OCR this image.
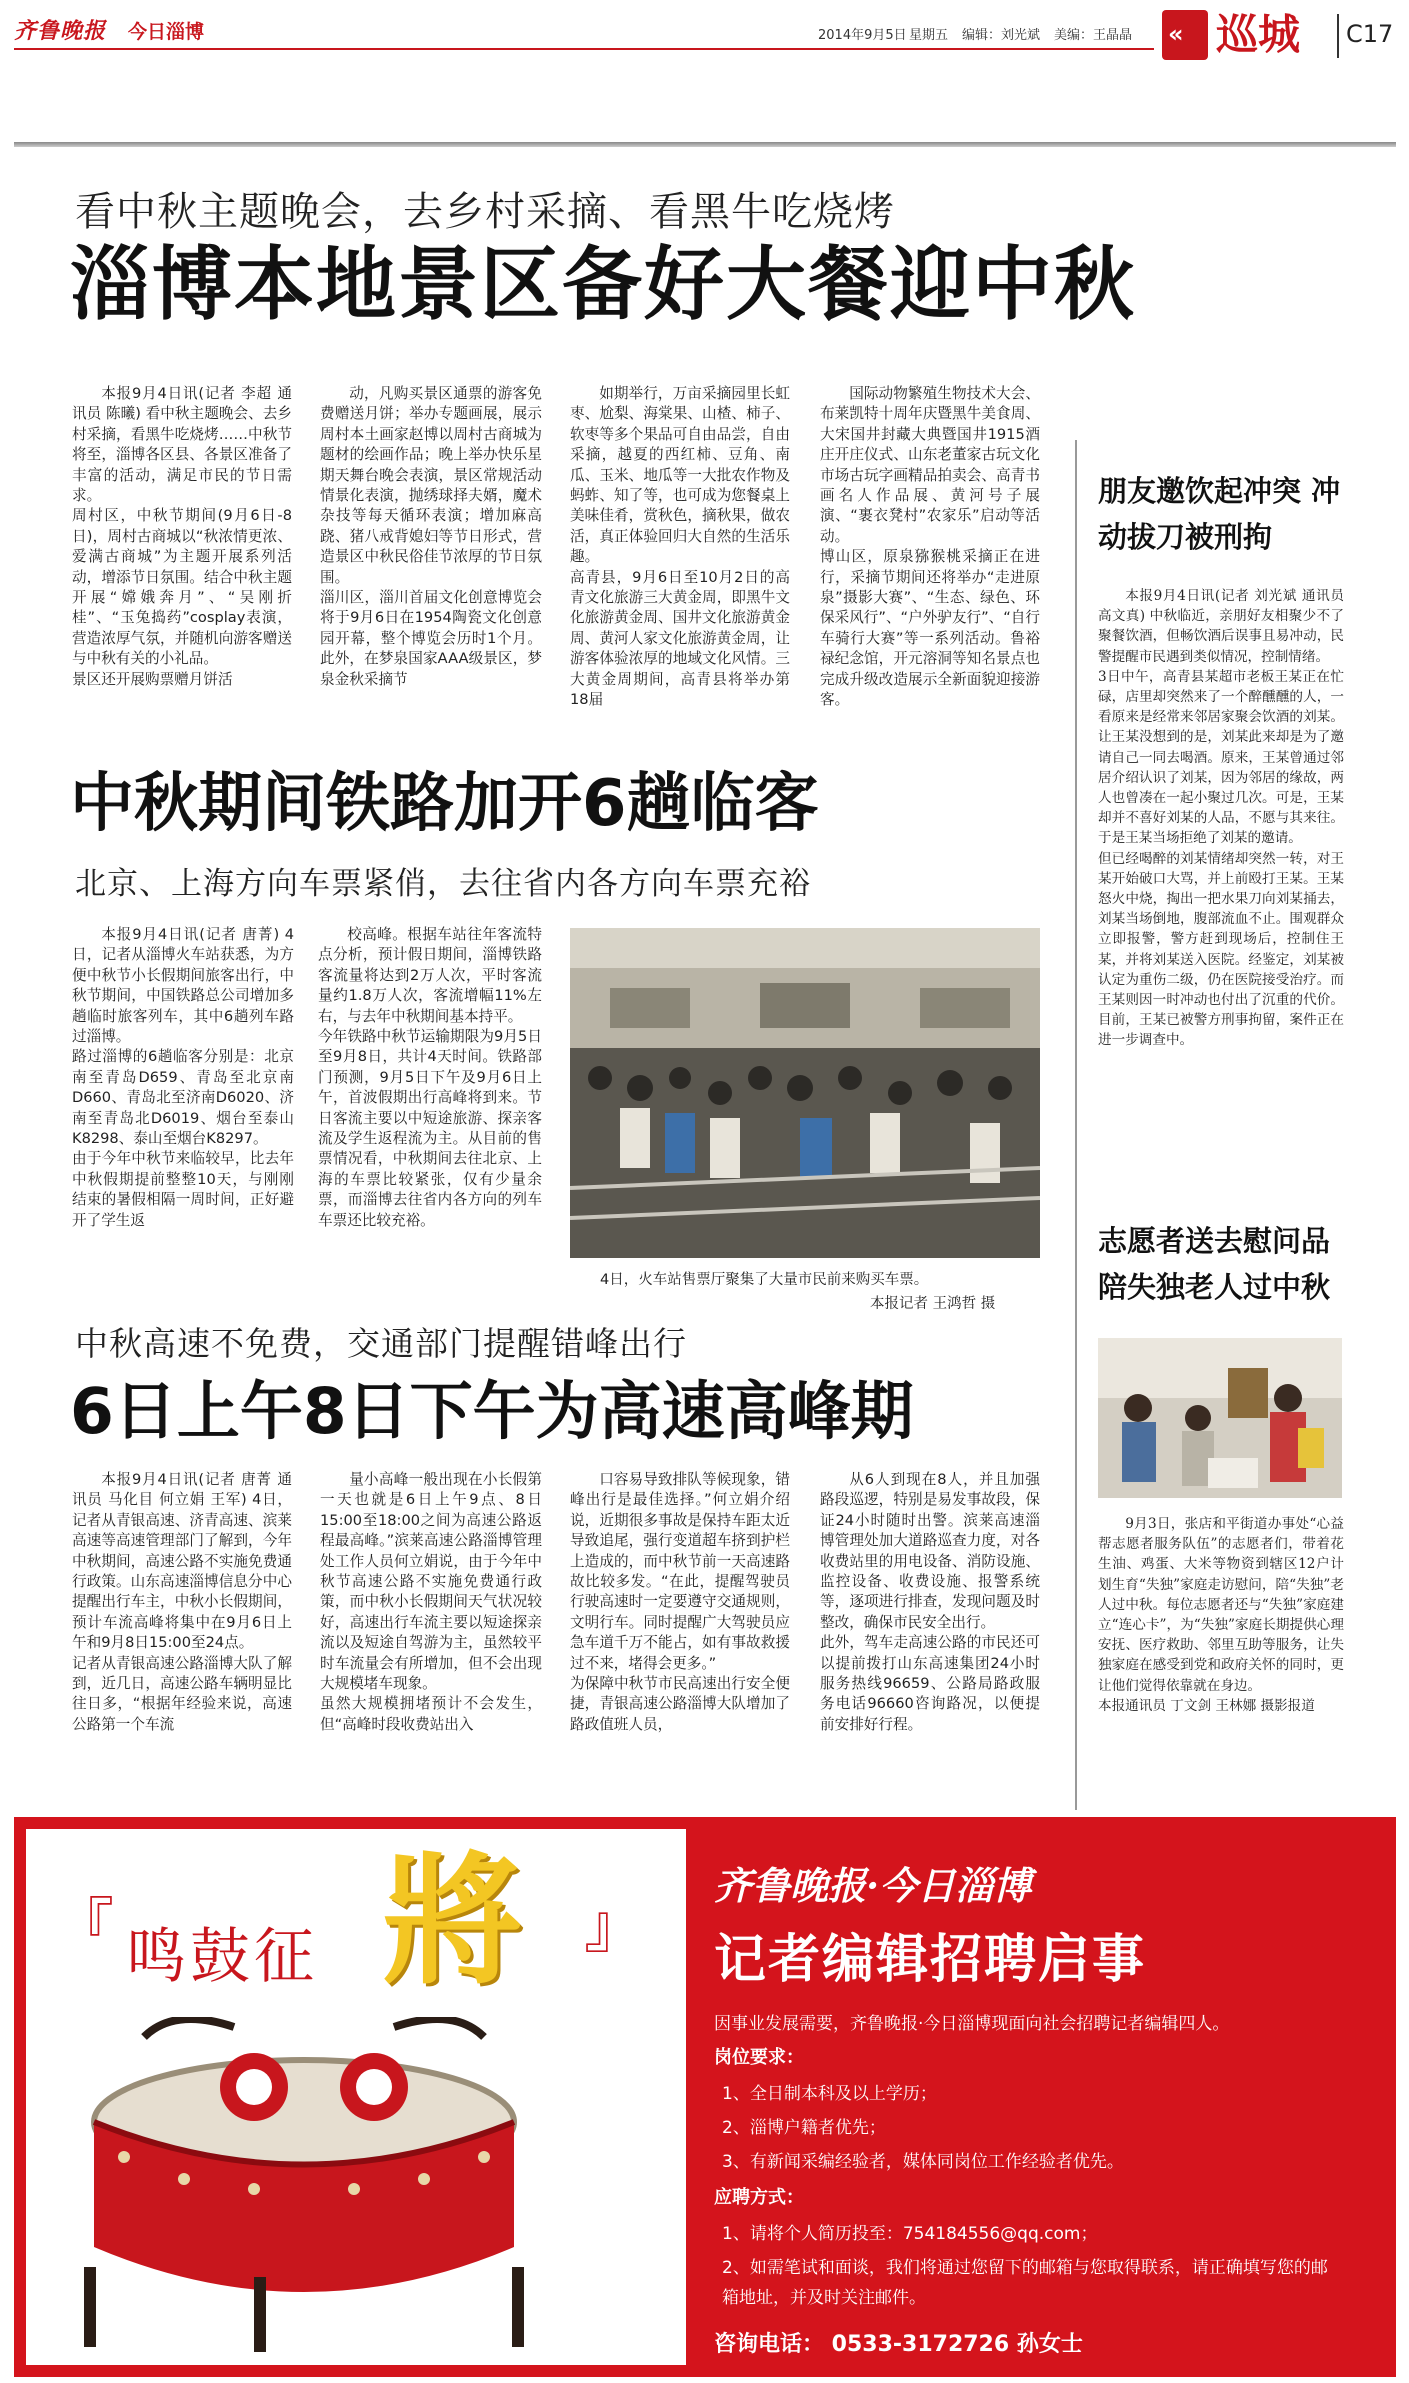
齐鲁晚报 今日淄博	2014年9月5日 星期五 编辑：刘光斌 美编：王晶晶 « 巡城 C17
看中秋主题晚会，去乡村采摘、看黑牛吃烧烤
淄博本地景区备好大餐迎中秋
本报9月4日讯(记者 李超 通讯员 陈曦) 看中秋主题晚会、去乡村采摘，看黑牛吃烧烤……中秋节将至，淄博各区县、各景区准备了丰富的活动，满足市民的节日需求。
周村区，中秋节期间(9月6日-8日)，周村古商城以“秋浓情更浓、爱满古商城”为主题开展系列活动，增添节日氛围。结合中秋主题开展“嫦娥奔月”、“吴刚折桂”、“玉兔捣药”cosplay表演，营造浓厚气氛，并随机向游客赠送与中秋有关的小礼品。
景区还开展购票赠月饼活
动，凡购买景区通票的游客免费赠送月饼；举办专题画展，展示周村本土画家赵博以周村古商城为题材的绘画作品；晚上举办快乐星期天舞台晚会表演，景区常规活动情景化表演，抛绣球择夫婿，魔术杂技等每天循环表演；增加麻高跷、猪八戒背媳妇等节日形式，营造景区中秋民俗佳节浓厚的节日氛围。
淄川区，淄川首届文化创意博览会将于9月6日在1954陶瓷文化创意园开幕，整个博览会历时1个月。此外，在梦泉国家AAA级景区，梦泉金秋采摘节
如期举行，万亩采摘园里长虹枣、尬梨、海棠果、山楂、柿子、软枣等多个果品可自由品尝，自由采摘，越夏的西红柿、豆角、南瓜、玉米、地瓜等一大批农作物及蚂蚱、知了等，也可成为您餐桌上美味佳肴，赏秋色，摘秋果，做农活，真正体验回归大自然的生活乐趣。
高青县，9月6日至10月2日的高青文化旅游三大黄金周，即黑牛文化旅游黄金周、国井文化旅游黄金周、黄河人家文化旅游黄金周，让游客体验浓厚的地域文化风情。三大黄金周期间，高青县将举办第18届
国际动物繁殖生物技术大会、布莱凯特十周年庆暨黑牛美食周、大宋国井封藏大典暨国井1915酒庄开庄仪式、山东老董家古玩文化市场古玩字画精品拍卖会、高青书画名人作品展、黄河号子展演、“裹衣凳村”农家乐”启动等活动。
博山区，原泉猕猴桃采摘正在进行，采摘节期间还将举办“走进原泉”摄影大赛”、“生态、绿色、环保采风行”、“户外驴友行”、“自行车骑行大赛”等一系列活动。鲁裕禄纪念馆，开元溶洞等知名景点也完成升级改造展示全新面貌迎接游客。
中秋期间铁路加开6趟临客
北京、上海方向车票紧俏，去往省内各方向车票充裕
本报9月4日讯(记者 唐菁) 4日，记者从淄博火车站获悉，为方便中秋节小长假期间旅客出行，中秋节期间，中国铁路总公司增加多趟临时旅客列车，其中6趟列车路过淄博。
路过淄博的6趟临客分别是：北京南至青岛D659、青岛至北京南D660、青岛北至济南D6020、济南至青岛北D6019、烟台至泰山K8298、泰山至烟台K8297。
由于今年中秋节来临较早，比去年中秋假期提前整整10天，与刚刚结束的暑假相隔一周时间，正好避开了学生返
校高峰。根据车站往年客流特点分析，预计假日期间，淄博铁路客流量将达到2万人次，平时客流量约1.8万人次，客流增幅11%左右，与去年中秋期间基本持平。
今年铁路中秋节运输期限为9月5日至9月8日，共计4天时间。铁路部门预测，9月5日下午及9月6日上午，首波假期出行高峰将到来。节日客流主要以中短途旅游、探亲客流及学生返程流为主。从目前的售票情况看，中秋期间去往北京、上海的车票比较紧张，仅有少量余票，而淄博去往省内各方向的列车车票还比较充裕。
4日，火车站售票厅聚集了大量市民前来购买车票。
本报记者 王鸿哲 摄
中秋高速不免费，交通部门提醒错峰出行
6日上午8日下午为高速高峰期
本报9月4日讯(记者 唐菁 通讯员 马化目 何立娟 王军) 4日，记者从青银高速、济青高速、滨莱高速等高速管理部门了解到，今年中秋期间，高速公路不实施免费通行政策。山东高速淄博信息分中心提醒出行车主，中秋小长假期间，预计车流高峰将集中在9月6日上午和9月8日15:00至24点。
记者从青银高速公路淄博大队了解到，近几日，高速公路车辆明显比往日多，“根据年经验来说，高速公路第一个车流
量小高峰一般出现在小长假第一天也就是6日上午9点、8日15:00至18:00之间为高速公路返程最高峰。”滨莱高速公路淄博管理处工作人员何立娟说，由于今年中秋节高速公路不实施免费通行政策，而中秋小长假期间天气状况较好，高速出行车流主要以短途探亲流以及短途自驾游为主，虽然较平时车流量会有所增加，但不会出现大规模堵车现象。
虽然大规模拥堵预计不会发生，但“高峰时段收费站出入
口容易导致排队等候现象，错峰出行是最佳选择。”何立娟介绍说，近期很多事故是保持车距太近导致追尾，强行变道超车挤到护栏上造成的，而中秋节前一天高速路故比较多发。“在此，提醒驾驶员行驶高速时一定要遵守交通规则，文明行车。同时提醒广大驾驶员应急车道千万不能占，如有事故救援过不来，堵得会更多。”
为保障中秋节市民高速出行安全便捷，青银高速公路淄博大队增加了路政值班人员，
从6人到现在8人，并且加强路段巡逻，特别是易发事故段，保证24小时随时出警。滨莱高速淄博管理处加大道路巡查力度，对各收费站里的用电设备、消防设施、监控设备、收费设施、报警系统等，逐项进行排查，发现问题及时整改，确保市民安全出行。
此外，驾车走高速公路的市民还可以提前拨打山东高速集团24小时服务热线96659、公路局路政服务电话96660咨询路况，以便提前安排好行程。
朋友邀饮起冲突 冲动拔刀被刑拘
本报9月4日讯(记者 刘光斌 通讯员 高文真) 中秋临近，亲朋好友相聚少不了聚餐饮酒，但畅饮酒后误事且易冲动，民警提醒市民遇到类似情况，控制情绪。
3日中午，高青县某超市老板王某正在忙碌，店里却突然来了一个醉醺醺的人，一看原来是经常来邻居家聚会饮酒的刘某。让王某没想到的是，刘某此来却是为了邀请自己一同去喝酒。原来，王某曾通过邻居介绍认识了刘某，因为邻居的缘故，两人也曾凑在一起小聚过几次。可是，王某却并不喜好刘某的人品，不愿与其来往。于是王某当场拒绝了刘某的邀请。
但已经喝醉的刘某情绪却突然一转，对王某开始破口大骂，并上前殴打王某。王某怒火中烧，掏出一把水果刀向刘某捅去，刘某当场倒地，腹部流血不止。围观群众立即报警，警方赶到现场后，控制住王某，并将刘某送入医院。经鉴定，刘某被认定为重伤二级，仍在医院接受治疗。而王某则因一时冲动也付出了沉重的代价。目前，王某已被警方刑事拘留，案件正在进一步调查中。
志愿者送去慰问品 陪失独老人过中秋
9月3日，张店和平街道办事处“心益帮志愿者服务队伍”的志愿者们，带着花生油、鸡蛋、大米等物资到辖区12户计划生育“失独”家庭走访慰问，陪“失独”老人过中秋。每位志愿者还与“失独”家庭建立“连心卡”，为“失独”家庭长期提供心理安抚、医疗救助、邻里互助等服务，让失独家庭在感受到党和政府关怀的同时，更让他们觉得依靠就在身边。
本报通讯员 丁文剑 王林娜 摄影报道
『 鸣鼓征 將 』
齐鲁晚报·今日淄博
记者编辑招聘启事
因事业发展需要，齐鲁晚报·今日淄博现面向社会招聘记者编辑四人。
岗位要求：
1、全日制本科及以上学历；
2、淄博户籍者优先；
3、有新闻采编经验者，媒体同岗位工作经验者优先。
应聘方式：
1、请将个人简历投至：754184556@qq.com；
2、如需笔试和面谈，我们将通过您留下的邮箱与您取得联系，请正确填写您的邮箱地址，并及时关注邮件。
咨询电话： 0533-3172726 孙女士
